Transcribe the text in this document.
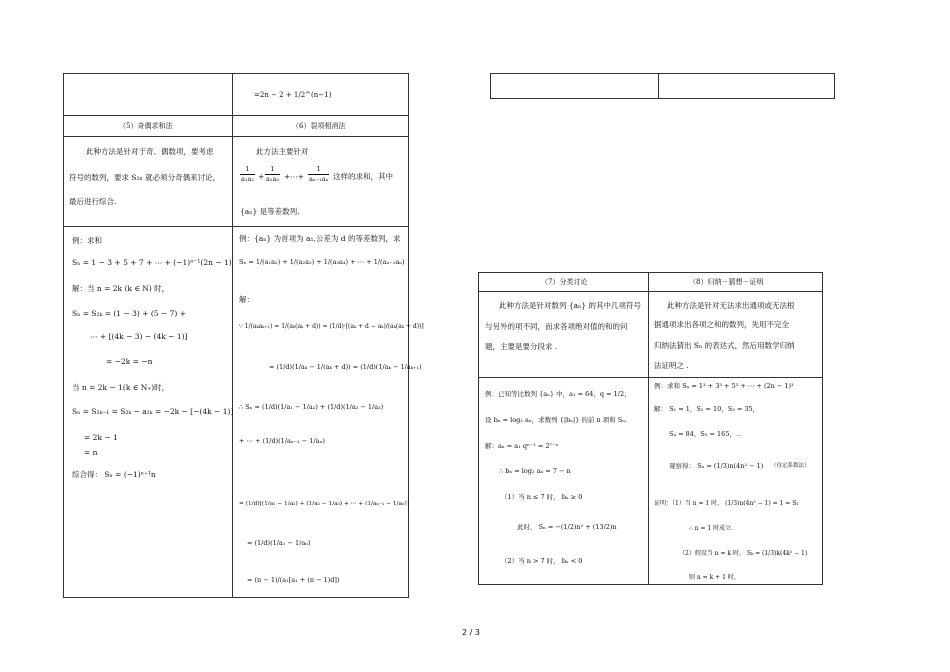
=2n − 2 + 1/2^(n−1)
（5）奇偶求和法	（6）裂项相消法
此种方法是针对于奇、偶数项，要考虑
符号的数列，要求 S₂ₙ 就必须分奇偶来讨论，
最后进行综合.
此方法主要针对
1
a₁a₂ +
1
a₂a₃ +⋯+
1
aₙ₋₁aₙ 这样的求和，其中
{aₙ} 是等差数列.
例：求和
Sₙ = 1 − 3 + 5 + 7 + ⋯ + (−1)ⁿ⁻¹(2n − 1)
解：当 n = 2k (k ∈ N) 时，
Sₙ = S₂ₖ = (1 − 3) + (5 − 7) +
⋯ + [(4k − 3) − (4k − 1)]
= −2k = −n
当 n = 2k − 1(k ∈ N₊)时，
Sₙ = S₂ₖ₋₁ = S₂ₖ − a₂ₖ = −2k − [−(4k − 1)]
= 2k − 1
= n
综合得： Sₙ = (−1)ⁿ⁺¹n
例：{aₙ} 为首项为 a₁,公差为 d 的等差数列，求
Sₙ = 1/(a₁a₂) + 1/(a₂a₃) + 1/(a₃a₄) + ⋯ + 1/(aₙ₋₁aₙ)
解：
∵ 1/(aₖaₖ₊₁) = 1/(aₖ(aₖ + d)) = (1/d)·[(aₖ + d − aₖ)/(aₖ(aₖ + d))]
= (1/d)(1/aₖ − 1/(aₖ + d)) = (1/d)(1/aₖ − 1/aₖ₊₁)
∴ Sₙ = (1/d)(1/a₁ − 1/a₂) + (1/d)(1/a₂ − 1/a₃)
+ ⋯ + (1/d)(1/aₙ₋₁ − 1/aₙ)
= (1/d)[(1/a₁ − 1/a₂) + (1/a₂ − 1/a₃) + ⋯ + (1/aₙ₋₁ − 1/aₙ)]
= (1/d)(1/a₁ − 1/aₙ)
= (n − 1)/(a₁[a₁ + (n − 1)d])
（7）分类讨论	（8）归纳－猜想－证明
此种方法是针对数列 {aₙ} 的其中几项符号
与另外的项不同，而求各项绝对值的和的问
题，主要是要分段求 .
此种方法是针对无法求出通项或无法根
据通项求出各项之和的数列，先用不完全
归纳法猜出 Sₙ 的表达式，然后用数学归纳
法证明之 .
例：已知等比数列 {aₙ} 中，a₁ = 64，q = 1/2，
设 bₙ = log₂ aₙ，求数列 {|bₙ|} 的前 n 项和 Sₙ.
解：aₙ = a₁ qⁿ⁻¹ = 2⁷⁻ⁿ
∴ bₙ = log₂ aₙ = 7 − n
（1）当 n ≤ 7 时， bₙ ≥ 0
此时， Sₙ = −(1/2)n² + (13/2)n
（2）当 n > 7 时， bₙ < 0
例：求和 Sₙ = 1³ + 3³ + 5³ + ⋯ + (2n − 1)³
解： S₁ = 1，S₂ = 10，S₃ = 35，
S₄ = 84，S₅ = 165，⋯
观察得： Sₙ = (1/3)n(4n² − 1) （待定系数法）
证明：（1）当 n = 1 时， (1/3)n(4n² − 1) = 1 = S₁
∴ n = 1 时成立.
（2）假设当 n = k 时， Sₖ = (1/3)k(4k² − 1)
则 n = k + 1 时，
2 / 3
